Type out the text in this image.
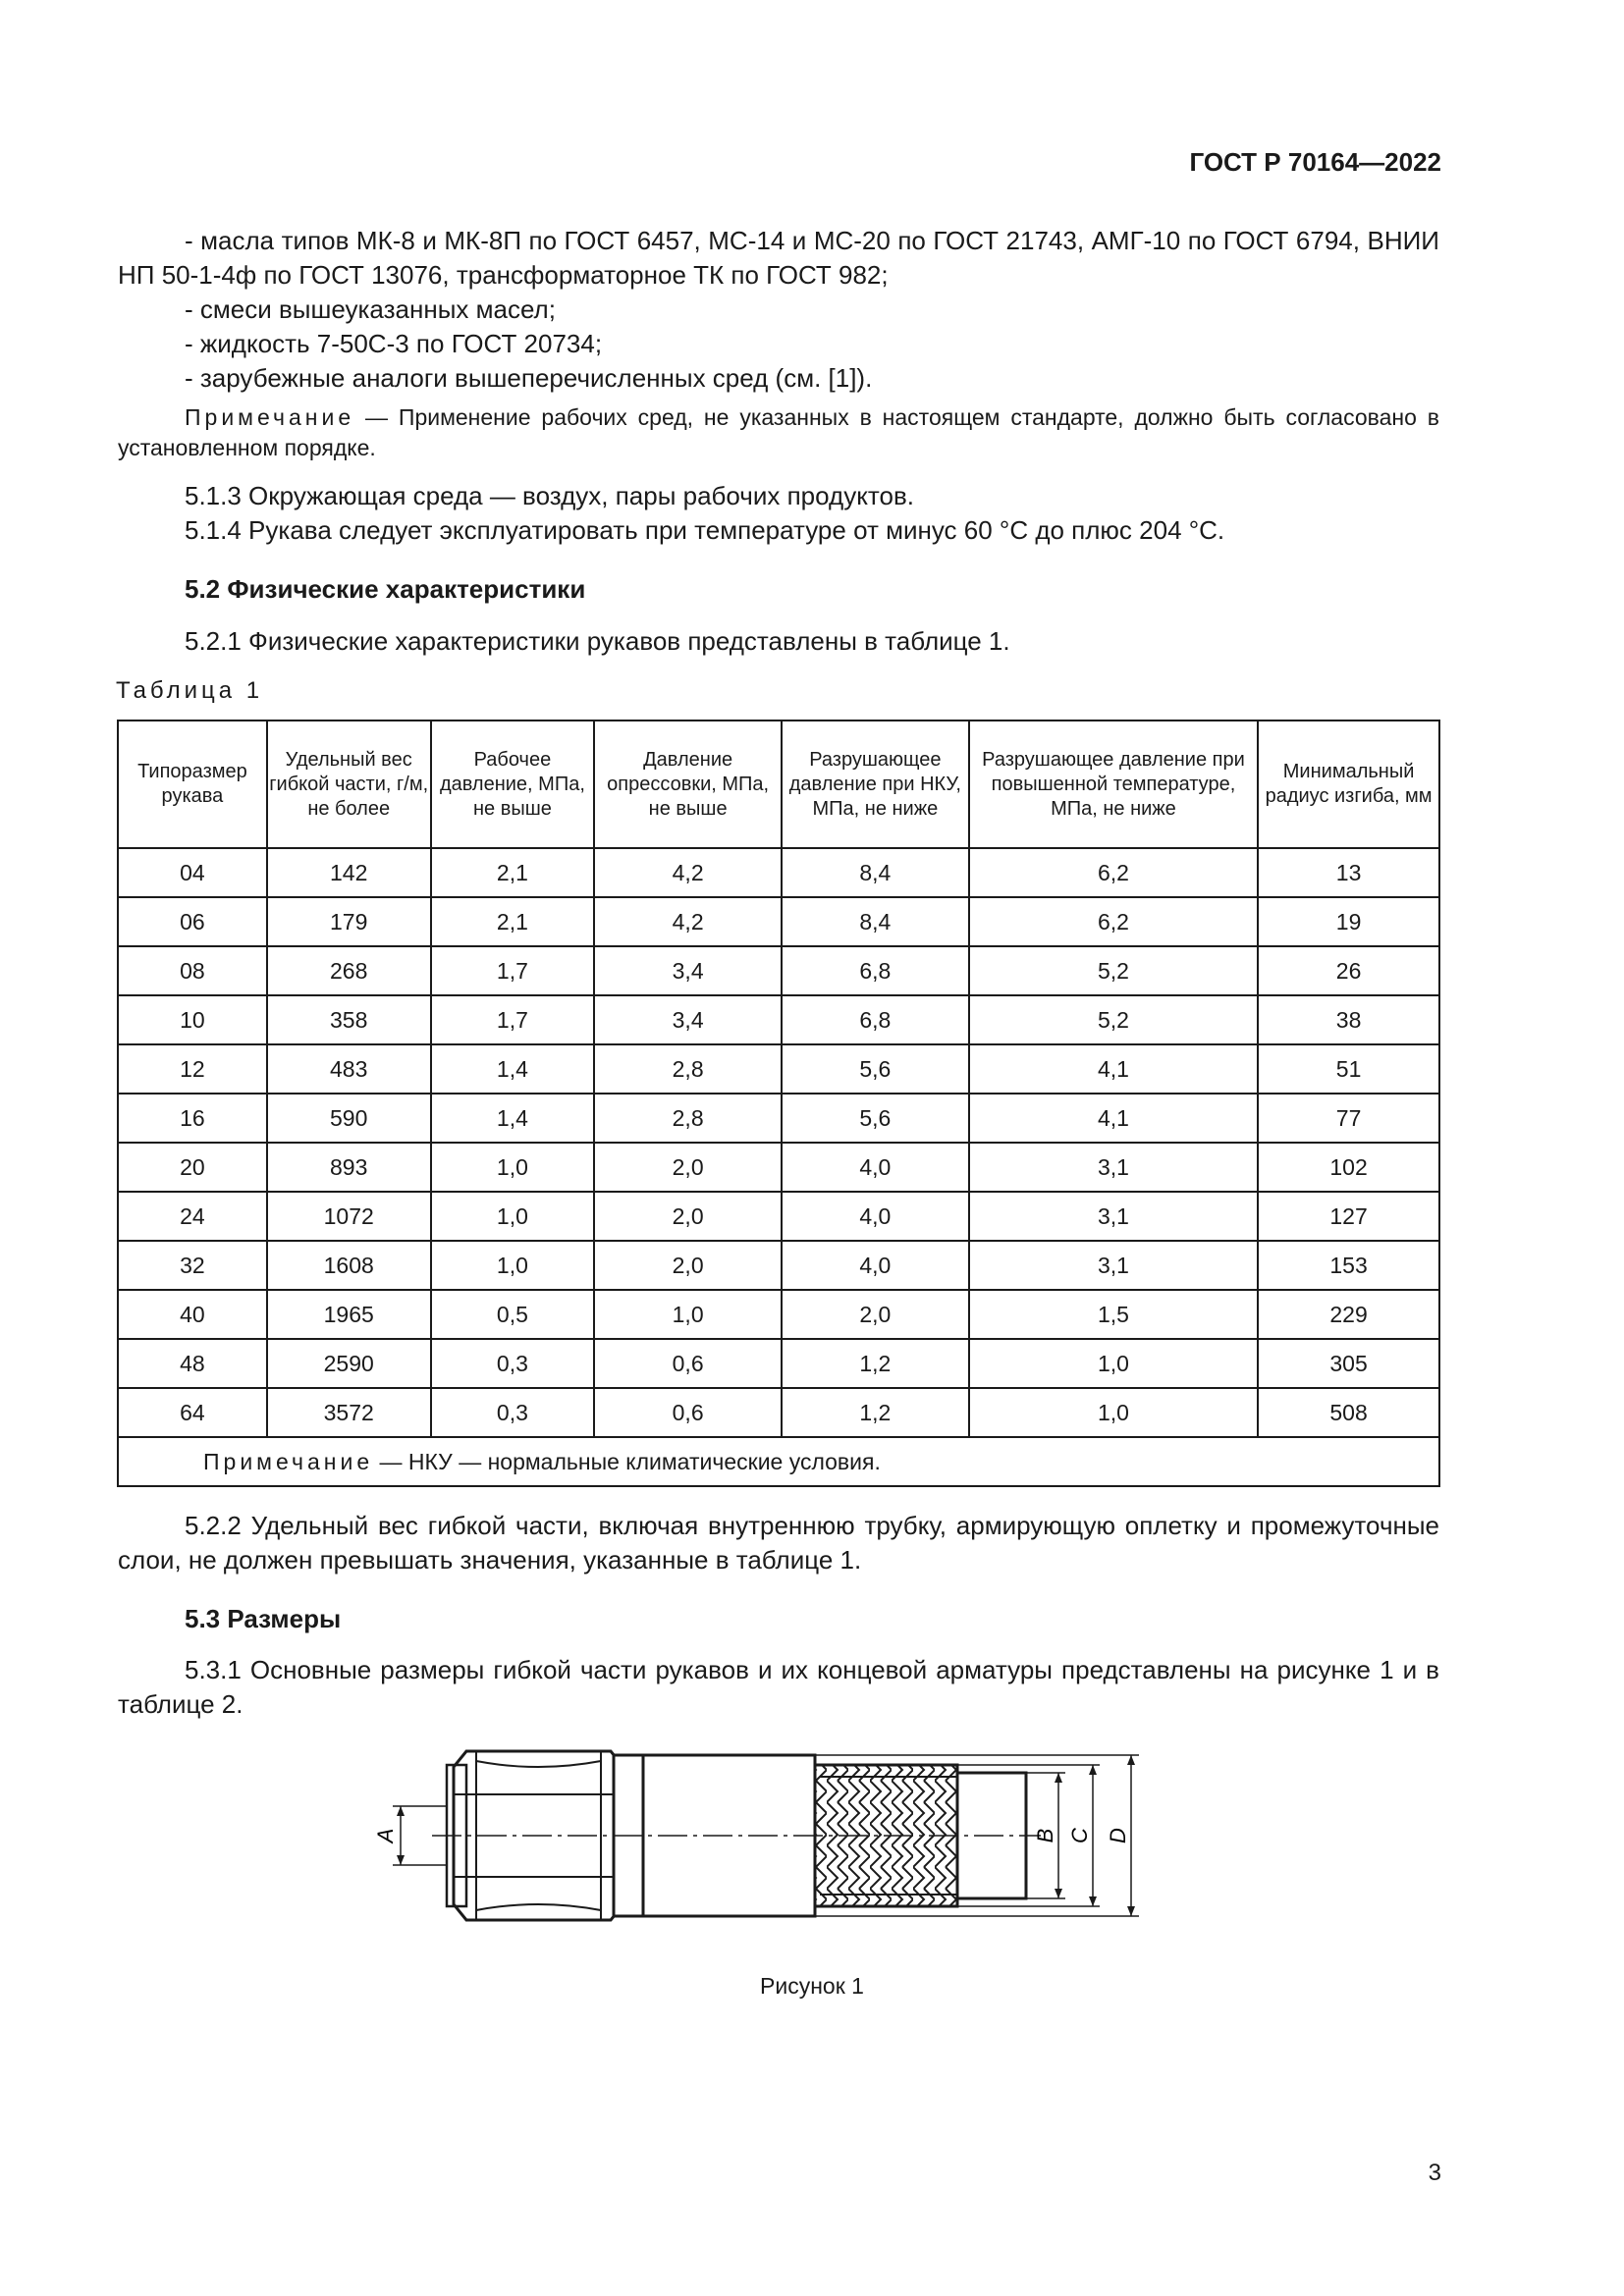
ГОСТ Р 70164—2022

- масла типов МК-8 и МК-8П по ГОСТ 6457, МС-14 и МС-20 по ГОСТ 21743, АМГ-10 по ГОСТ 6794, ВНИИ НП 50-1-4ф по ГОСТ 13076, трансформаторное ТК по ГОСТ 982;

- смеси вышеуказанных масел;

- жидкость 7-50С-3 по ГОСТ 20734;

- зарубежные аналоги вышеперечисленных сред (см. [1]).

Примечание — Применение рабочих сред, не указанных в настоящем стандарте, должно быть согласовано в установленном порядке.

5.1.3 Окружающая среда — воздух, пары рабочих продуктов.

5.1.4 Рукава следует эксплуатировать при температуре от минус 60 °С до плюс 204 °С.

5.2 Физические характеристики

5.2.1 Физические характеристики рукавов представлены в таблице 1.

Таблица 1
Типоразмер рукава	Удельный вес гибкой части, г/м, не более	Рабочее давление, МПа, не выше	Давление опрессовки, МПа, не выше	Разрушающее давление при НКУ, МПа, не ниже	Разрушающее давление при повышенной температуре, МПа, не ниже	Минимальный радиус изгиба, мм
04	142	2,1	4,2	8,4	6,2	13
06	179	2,1	4,2	8,4	6,2	19
08	268	1,7	3,4	6,8	5,2	26
10	358	1,7	3,4	6,8	5,2	38
12	483	1,4	2,8	5,6	4,1	51
16	590	1,4	2,8	5,6	4,1	77
20	893	1,0	2,0	4,0	3,1	102
24	1072	1,0	2,0	4,0	3,1	127
32	1608	1,0	2,0	4,0	3,1	153
40	1965	0,5	1,0	2,0	1,5	229
48	2590	0,3	0,6	1,2	1,0	305
64	3572	0,3	0,6	1,2	1,0	508
Примечание — НКУ — нормальные климатические условия.						

5.2.2 Удельный вес гибкой части, включая внутреннюю трубку, армирующую оплетку и промежуточные слои, не должен превышать значения, указанные в таблице 1.

5.3 Размеры

5.3.1 Основные размеры гибкой части рукавов и их концевой арматуры представлены на рисунке 1 и в таблице 2.

A	B C D
Рисунок 1
3
